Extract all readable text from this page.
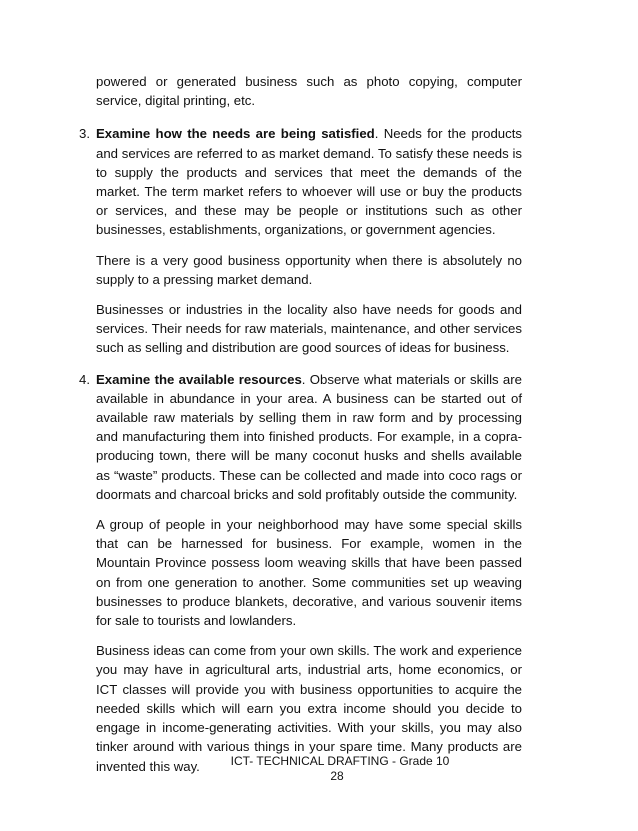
powered or generated business such as photo copying, computer service, digital printing, etc.

3. Examine how the needs are being satisfied. Needs for the products and services are referred to as market demand. To satisfy these needs is to supply the products and services that meet the demands of the market. The term market refers to whoever will use or buy the products or services, and these may be people or institutions such as other businesses, establishments, organizations, or government agencies.

There is a very good business opportunity when there is absolutely no supply to a pressing market demand.

Businesses or industries in the locality also have needs for goods and services. Their needs for raw materials, maintenance, and other services such as selling and distribution are good sources of ideas for business.

4. Examine the available resources. Observe what materials or skills are available in abundance in your area. A business can be started out of available raw materials by selling them in raw form and by processing and manufacturing them into finished products. For example, in a copra-producing town, there will be many coconut husks and shells available as “waste” products. These can be collected and made into coco rags or doormats and charcoal bricks and sold profitably outside the community.

A group of people in your neighborhood may have some special skills that can be harnessed for business. For example, women in the Mountain Province possess loom weaving skills that have been passed on from one generation to another. Some communities set up weaving businesses to produce blankets, decorative, and various souvenir items for sale to tourists and lowlanders.

Business ideas can come from your own skills. The work and experience you may have in agricultural arts, industrial arts, home economics, or ICT classes will provide you with business opportunities to acquire the needed skills which will earn you extra income should you decide to engage in income-generating activities. With your skills, you may also tinker around with various things in your spare time. Many products are invented this way.	ICT- TECHNICAL DRAFTING - Grade 10
28
